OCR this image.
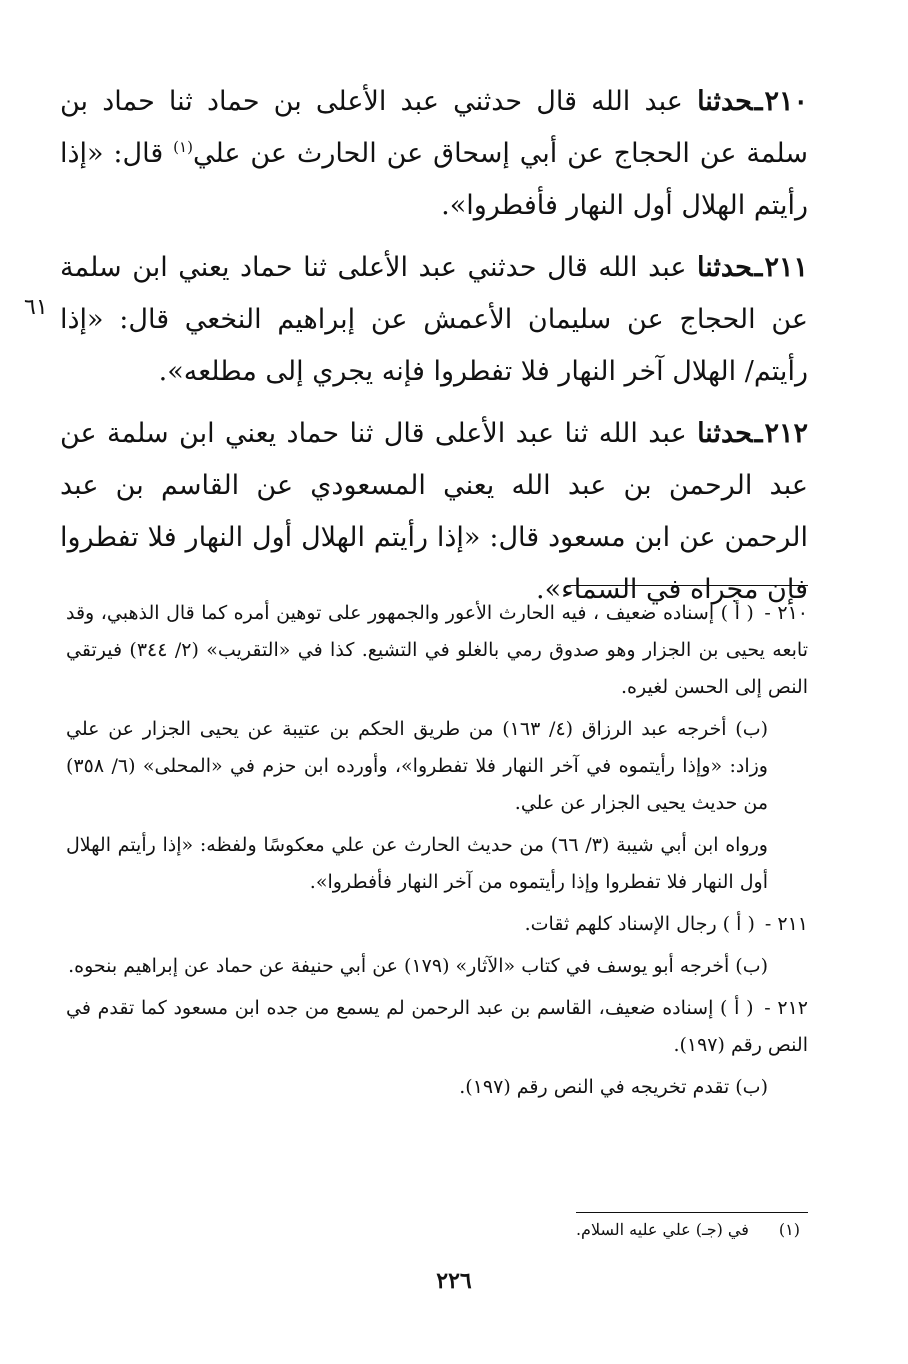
٢١٠ـحدثنا عبد الله قال حدثني عبد الأعلى بن حماد ثنا حماد بن سلمة عن الحجاج عن أبي إسحاق عن الحارث عن علي$^{(١)}$ قال: «إذا رأيتم الهلال أول النهار فأفطروا».

٢١١ـحدثنا عبد الله قال حدثني عبد الأعلى ثنا حماد يعني ابن سلمة عن الحجاج عن سليمان الأعمش عن إبراهيم النخعي قال: «إذا رأيتم/ الهلال آخر النهار فلا تفطروا فإنه يجري إلى مطلعه».

٢١٢ـحدثنا عبد الله ثنا عبد الأعلى قال ثنا حماد يعني ابن سلمة عن عبد الرحمن بن عبد الله يعني المسعودي عن القاسم بن عبد الرحمن عن ابن مسعود قال: «إذا رأيتم الهلال أول النهار فلا تفطروا فإن مجراه في السماء».

٦١

٢١٠ - ( أ ) إسناده ضعيف ، فيه الحارث الأعور والجمهور على توهين أمره كما قال الذهبي، وقد تابعه يحيى بن الجزار وهو صدوق رمي بالغلو في التشيع. كذا في «التقريب» (٢/ ٣٤٤) فيرتقي النص إلى الحسن لغيره.

(ب) أخرجه عبد الرزاق (٤/ ١٦٣) من طريق الحكم بن عتيبة عن يحيى الجزار عن علي وزاد: «وإذا رأيتموه في آخر النهار فلا تفطروا»، وأورده ابن حزم في «المحلى» (٦/ ٣٥٨) من حديث يحيى الجزار عن علي.

ورواه ابن أبي شيبة (٣/ ٦٦) من حديث الحارث عن علي معكوسًا ولفظه: «إذا رأيتم الهلال أول النهار فلا تفطروا وإذا رأيتموه من آخر النهار فأفطروا».

٢١١ - ( أ ) رجال الإسناد كلهم ثقات.

(ب) أخرجه أبو يوسف في كتاب «الآثار» (١٧٩) عن أبي حنيفة عن حماد عن إبراهيم بنحوه.

٢١٢ - ( أ ) إسناده ضعيف، القاسم بن عبد الرحمن لم يسمع من جده ابن مسعود كما تقدم في النص رقم (١٩٧).

(ب) تقدم تخريجه في النص رقم (١٩٧).

(١)في (جـ) علي عليه السلام.
٢٢٦
